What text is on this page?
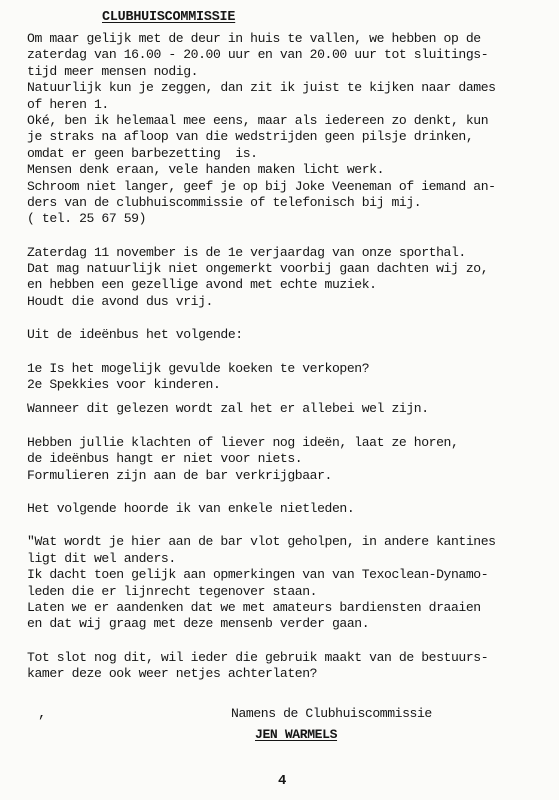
CLUBHUISCOMMISSIE
Om maar gelijk met de deur in huis te vallen, we hebben op de
zaterdag van 16.00 - 20.00 uur en van 20.00 uur tot sluitings-
tijd meer mensen nodig.
Natuurlijk kun je zeggen, dan zit ik juist te kijken naar dames
of heren 1.
Oké, ben ik helemaal mee eens, maar als iedereen zo denkt, kun
je straks na afloop van die wedstrijden geen pilsje drinken,
omdat er geen barbezetting  is.
Mensen denk eraan, vele handen maken licht werk.
Schroom niet langer, geef je op bij Joke Veeneman of iemand an-
ders van de clubhuiscommissie of telefonisch bij mij.
( tel. 25 67 59)
Zaterdag 11 november is de 1e verjaardag van onze sporthal.
Dat mag natuurlijk niet ongemerkt voorbij gaan dachten wij zo,
en hebben een gezellige avond met echte muziek.
Houdt die avond dus vrij.
Uit de ideënbus het volgende:
1e Is het mogelijk gevulde koeken te verkopen?
2e Spekkies voor kinderen.
Wanneer dit gelezen wordt zal het er allebei wel zijn.
Hebben jullie klachten of liever nog ideën, laat ze horen,
de ideënbus hangt er niet voor niets.
Formulieren zijn aan de bar verkrijgbaar.
Het volgende hoorde ik van enkele nietleden.
"Wat wordt je hier aan de bar vlot geholpen, in andere kantines
ligt dit wel anders.
Ik dacht toen gelijk aan opmerkingen van van Texoclean-Dynamo-
leden die er lijnrecht tegenover staan.
Laten we er aandenken dat we met amateurs bardiensten draaien
en dat wij graag met deze mensenb verder gaan.
Tot slot nog dit, wil ieder die gebruik maakt van de bestuurs-
kamer deze ook weer netjes achterlaten?
,	Namens de Clubhuiscommissie
JEN WARMELS
4
